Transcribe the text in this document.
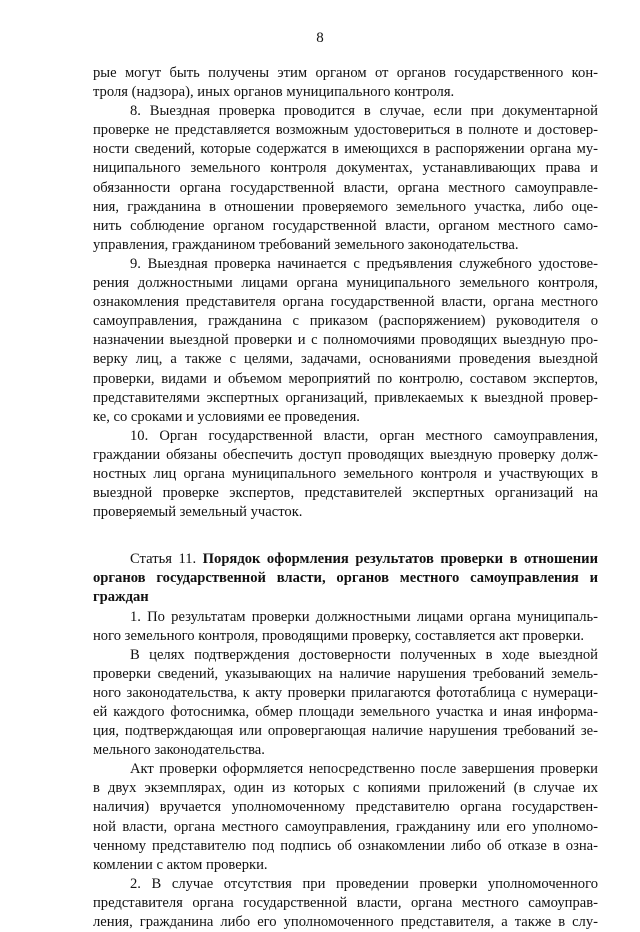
8
рые могут быть получены этим органом от органов государственного кон-
троля (надзора), иных органов муниципального контроля.
8. Выездная проверка проводится в случае, если при документарной
проверке не представляется возможным удостовериться в полноте и достовер-
ности сведений, которые содержатся в имеющихся в распоряжении органа му-
ниципального земельного контроля документах, устанавливающих права и
обязанности органа государственной власти, органа местного самоуправле-
ния, гражданина в отношении проверяемого земельного участка, либо оце-
нить соблюдение органом государственной власти, органом местного само-
управления, гражданином требований земельного законодательства.
9. Выездная проверка начинается с предъявления служебного удостове-
рения должностными лицами органа муниципального земельного контроля,
ознакомления представителя органа государственной власти, органа местного
самоуправления, гражданина с приказом (распоряжением) руководителя о
назначении выездной проверки и с полномочиями проводящих выездную про-
верку лиц, а также с целями, задачами, основаниями проведения выездной
проверки, видами и объемом мероприятий по контролю, составом экспертов,
представителями экспертных организаций, привлекаемых к выездной провер-
ке, со сроками и условиями ее проведения.
10. Орган государственной власти, орган местного самоуправления,
граждании обязаны обеспечить доступ проводящих выездную проверку долж-
ностных лиц органа муниципального земельного контроля и участвующих в
выездной проверке экспертов, представителей экспертных организаций на
проверяемый земельный участок.
Статья 11. Порядок оформления результатов проверки в отношении
органов государственной власти, органов местного самоуправления и
граждан
1. По результатам проверки должностными лицами органа муниципаль-
ного земельного контроля, проводящими проверку, составляется акт проверки.
В целях подтверждения достоверности полученных в ходе выездной
проверки сведений, указывающих на наличие нарушения требований земель-
ного законодательства, к акту проверки прилагаются фототаблица с нумераци-
ей каждого фотоснимка, обмер площади земельного участка и иная информа-
ция, подтверждающая или опровергающая наличие нарушения требований зе-
мельного законодательства.
Акт проверки оформляется непосредственно после завершения проверки
в двух экземплярах, один из которых с копиями приложений (в случае их
наличия) вручается уполномоченному представителю органа государствен-
ной власти, органа местного самоуправления, гражданину или его уполномо-
ченному представителю под подпись об ознакомлении либо об отказе в озна-
комлении с актом проверки.
2. В случае отсутствия при проведении проверки уполномоченного
представителя органа государственной власти, органа местного самоуправ-
ления, гражданина либо его уполномоченного представителя, а также в слу-
